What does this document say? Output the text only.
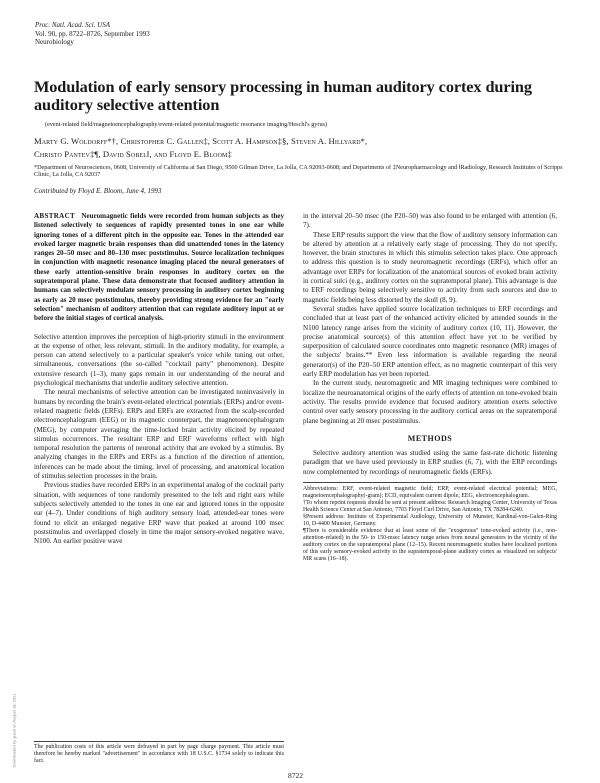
Proc. Natl. Acad. Sci. USA
Vol. 90, pp. 8722–8726, September 1993
Neurobiology
Modulation of early sensory processing in human auditory cortex during auditory selective attention
(event-related field/magnetoencephalography/event-related potential/magnetic resonance imaging/Heschl's gyrus)
Marty G. Woldorff*†, Christopher C. Gallen‡, Scott A. Hampson‡§, Steven A. Hillyard*,
Christo Pantev‡¶, David Sobel‖, and Floyd E. Bloom‡
*Department of Neurosciences, 0608, University of California at San Diego, 9500 Gilman Drive, La Jolla, CA 92093-0608; and Departments of ‡Neuropharmacology and ‖Radiology, Research Institutes of Scripps Clinic, La Jolla, CA 92037
Contributed by Floyd E. Bloom, June 4, 1993

ABSTRACT Neuromagnetic fields were recorded from human subjects as they listened selectively to sequences of rapidly presented tones in one ear while ignoring tones of a different pitch in the opposite ear. Tones in the attended ear evoked larger magnetic brain responses than did unattended tones in the latency ranges 20–50 msec and 80–130 msec poststimulus. Source localization techniques in conjunction with magnetic resonance imaging placed the neural generators of these early attention-sensitive brain responses in auditory cortex on the supratemporal plane. These data demonstrate that focused auditory attention in humans can selectively modulate sensory processing in auditory cortex beginning as early as 20 msec poststimulus, thereby providing strong evidence for an "early selection" mechanism of auditory attention that can regulate auditory input at or before the initial stages of cortical analysis.

Selective attention improves the perception of high-priority stimuli in the environment at the expense of other, less relevant, stimuli. In the auditory modality, for example, a person can attend selectively to a particular speaker's voice while tuning out other, simultaneous, conversations (the so-called "cocktail party" phenomenon). Despite extensive research (1–3), many gaps remain in our understanding of the neural and psychological mechanisms that underlie auditory selective attention.

The neural mechanisms of selective attention can be investigated noninvasively in humans by recording the brain's event-related electrical potentials (ERPs) and/or event-related magnetic fields (ERFs). ERPs and ERFs are extracted from the scalp-recorded electroencephalogram (EEG) or its magnetic counterpart, the magnetoencephalogram (MEG), by computer averaging the time-locked brain activity elicited by repeated stimulus occurrences. The resultant ERP and ERF waveforms reflect with high temporal resolution the patterns of neuronal activity that are evoked by a stimulus. By analyzing changes in the ERPs and ERFs as a function of the direction of attention, inferences can be made about the timing, level of processing, and anatomical location of stimulus selection processes in the brain.

Previous studies have recorded ERPs in an experimental analog of the cocktail party situation, with sequences of tone randomly presented to the left and right ears while subjects selectively attended to the tones in one ear and ignored tones in the opposite ear (4–7). Under conditions of high auditory sensory load, attended-ear tones were found to elicit an enlarged negative ERP wave that peaked at around 100 msec poststimulus and overlapped closely in time the major sensory-evoked negative wave, N100. An earlier positive wave

The publication costs of this article were defrayed in part by page charge payment. This article must therefore be hereby marked "advertisement" in accordance with 18 U.S.C. §1734 solely to indicate this fact.

in the interval 20–50 msec (the P20–50) was also found to be enlarged with attention (6, 7).

These ERP results support the view that the flow of auditory sensory information can be altered by attention at a relatively early stage of processing. They do not specify, however, the brain structures in which this stimulus selection takes place. One approach to address this question is to study neuromagnetic recordings (ERFs), which offer an advantage over ERPs for localization of the anatomical sources of evoked brain activity in cortical sulci (e.g., auditory cortex on the supratemporal plane). This advantage is due to ERF recordings being selectively sensitive to activity from such sources and due to magnetic fields being less distorted by the skull (8, 9).

Several studies have applied source localization techniques to ERF recordings and concluded that at least part of the enhanced activity elicited by attended sounds in the N100 latency range arises from the vicinity of auditory cortex (10, 11). However, the precise anatomical source(s) of this attention effect have yet to be verified by superposition of calculated source coordinates onto magnetic resonance (MR) images of the subjects' brains.** Even less information is available regarding the neural generator(s) of the P20–50 ERP attention effect, as no magnetic counterpart of this very early ERP modulation has yet been reported.

In the current study, neuromagnetic and MR imaging techniques were combined to localize the neuroanatomical origins of the early effects of attention on tone-evoked brain activity. The results provide evidence that focused auditory attention exerts selective control over early sensory processing in the auditory cortical areas on the supratemporal plane beginning at 20 msec poststimulus.

METHODS

Selective auditory attention was studied using the same fast-rate dichotic listening paradigm that we have used previously in ERP studies (6, 7), with the ERP recordings now complemented by recordings of neuromagnetic fields (ERFs).

Abbreviations: ERF, event-related magnetic field; ERP, event-related electrical potential; MEG, magnetoencephalography(-gram); ECD, equivalent current dipole; EEG, electroencephalogram.

†To whom reprint requests should be sent at present address: Research Imaging Center, University of Texas Health Science Center at San Antonio, 7703 Floyd Curl Drive, San Antonio, TX 78284-6240.

§Present address: Institute of Experimental Audiology, University of Munster, Kardinal-von-Galen-Ring 10, D-4400 Munster, Germany.

¶There is considerable evidence that at least some of the "exogenous" tone-evoked activity (i.e., non-attention-related) in the 50- to 150-msec latency range arises from neural generators in the vicinity of the auditory cortex on the supratemporal plane (12–15). Recent neuromagnetic studies have localized portions of this early sensory-evoked activity to the supratemporal-plane auditory cortex as visualized on subjects' MR scans (16–18).

8722
Downloaded by guest on August 18, 2021
